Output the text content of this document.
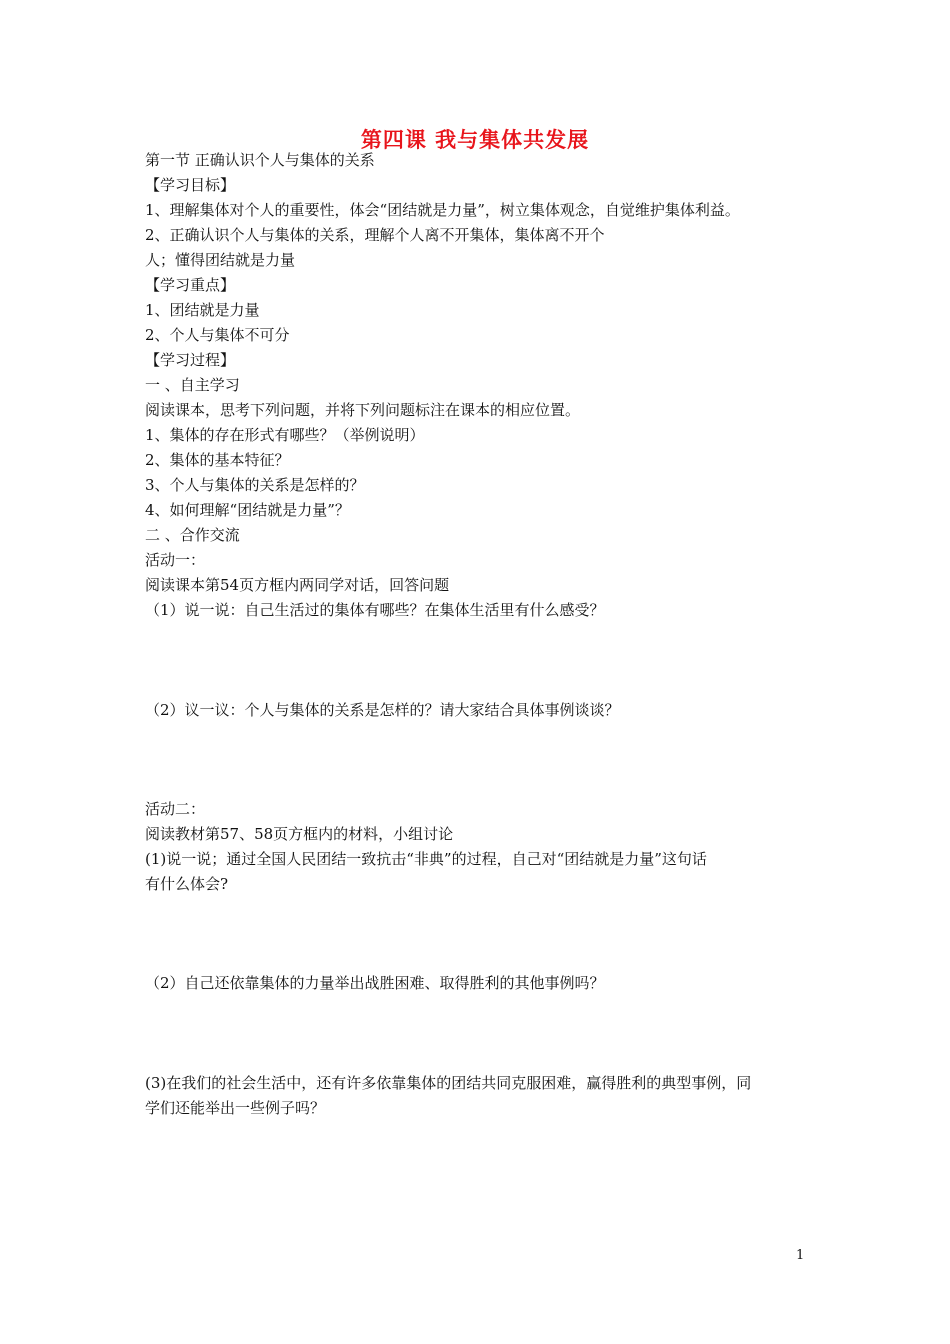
第四课 我与集体共发展
第一节 正确认识个人与集体的关系
【学习目标】
1、理解集体对个人的重要性，体会“团结就是力量”，树立集体观念，自觉维护集体利益。
2、正确认识个人与集体的关系，理解个人离不开集体，集体离不开个
人；懂得团结就是力量
【学习重点】
1、团结就是力量
2、个人与集体不可分
【学习过程】
一 、自主学习
阅读课本，思考下列问题，并将下列问题标注在课本的相应位置。
1、集体的存在形式有哪些？（举例说明）
2、集体的基本特征？
3、个人与集体的关系是怎样的？
4、如何理解“团结就是力量”？
二 、合作交流
活动一：
阅读课本第54页方框内两同学对话，回答问题
（1）说一说：自己生活过的集体有哪些？在集体生活里有什么感受？
（2）议一议：个人与集体的关系是怎样的？请大家结合具体事例谈谈？
活动二：
阅读教材第57、58页方框内的材料，小组讨论
(1)说一说；通过全国人民团结一致抗击“非典”的过程，自己对“团结就是力量”这句话
有什么体会?
（2）自己还依靠集体的力量举出战胜困难、取得胜利的其他事例吗？
(3)在我们的社会生活中，还有许多依靠集体的团结共同克服困难，赢得胜利的典型事例，同
学们还能举出一些例子吗？
1
